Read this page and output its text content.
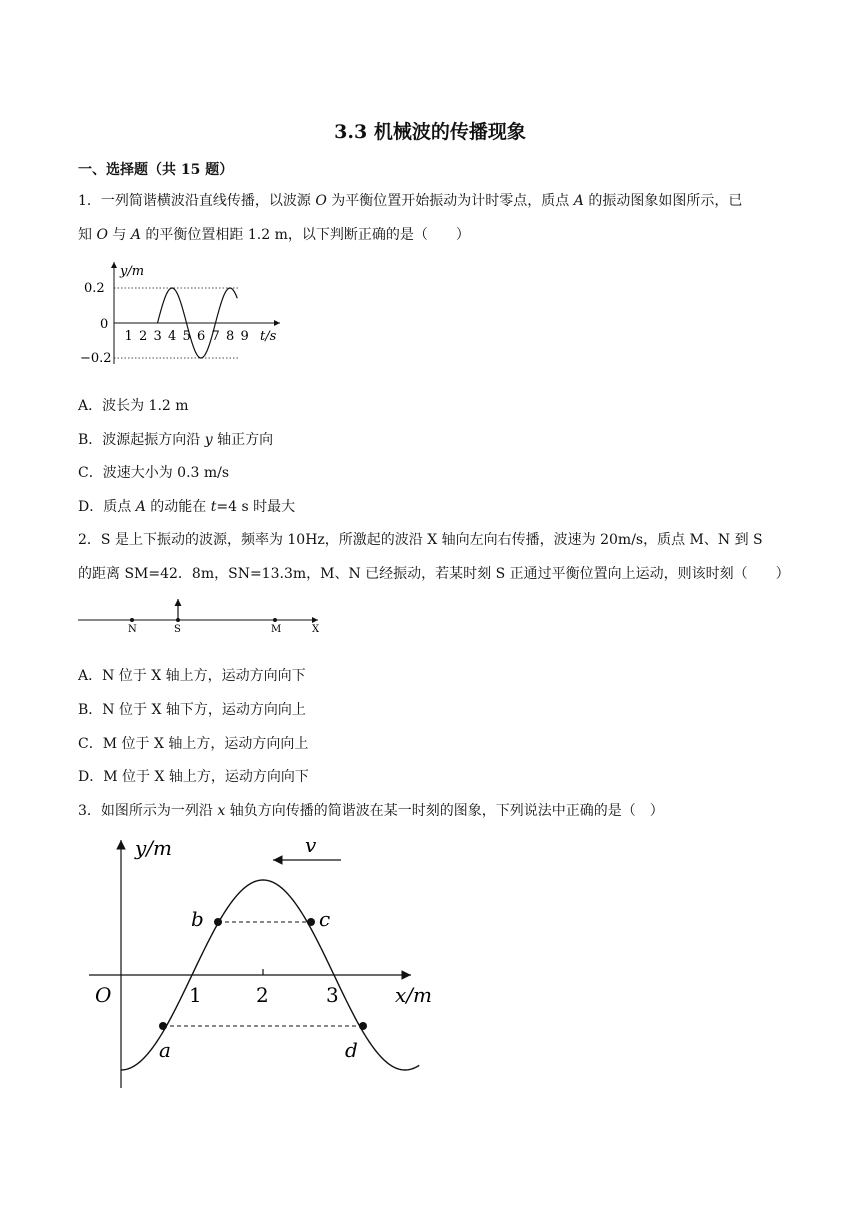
3.3 机械波的传播现象
一、选择题（共 15 题）
1．一列简谐横波沿直线传播，以波源 O 为平衡位置开始振动为计时零点，质点 A 的振动图象如图所示，已
知 O 与 A 的平衡位置相距 1.2 m，以下判断正确的是（　　）
y/m
0.2
0
−0.2
1 2 3 4 5 6 7 8 9 t/s
A．波长为 1.2 m
B．波源起振方向沿 y 轴正方向
C．波速大小为 0.3 m/s
D．质点 A 的动能在 t=4 s 时最大
2．S 是上下振动的波源，频率为 10Hz，所激起的波沿 X 轴向左向右传播，波速为 20m/s，质点 M、N 到 S
的距离 SM=42．8m，SN=13.3m，M、N 已经振动，若某时刻 S 正通过平衡位置向上运动，则该时刻（　　）
N	S	M	X
A．N 位于 X 轴上方，运动方向向下
B．N 位于 X 轴下方，运动方向向上
C．M 位于 X 轴上方，运动方向向上
D．M 位于 X 轴上方，运动方向向下
3．如图所示为一列沿 x 轴负方向传播的简谐波在某一时刻的图象，下列说法中正确的是（　）
v
y/m
x/m
O	1	2	3
b	c
a	d
